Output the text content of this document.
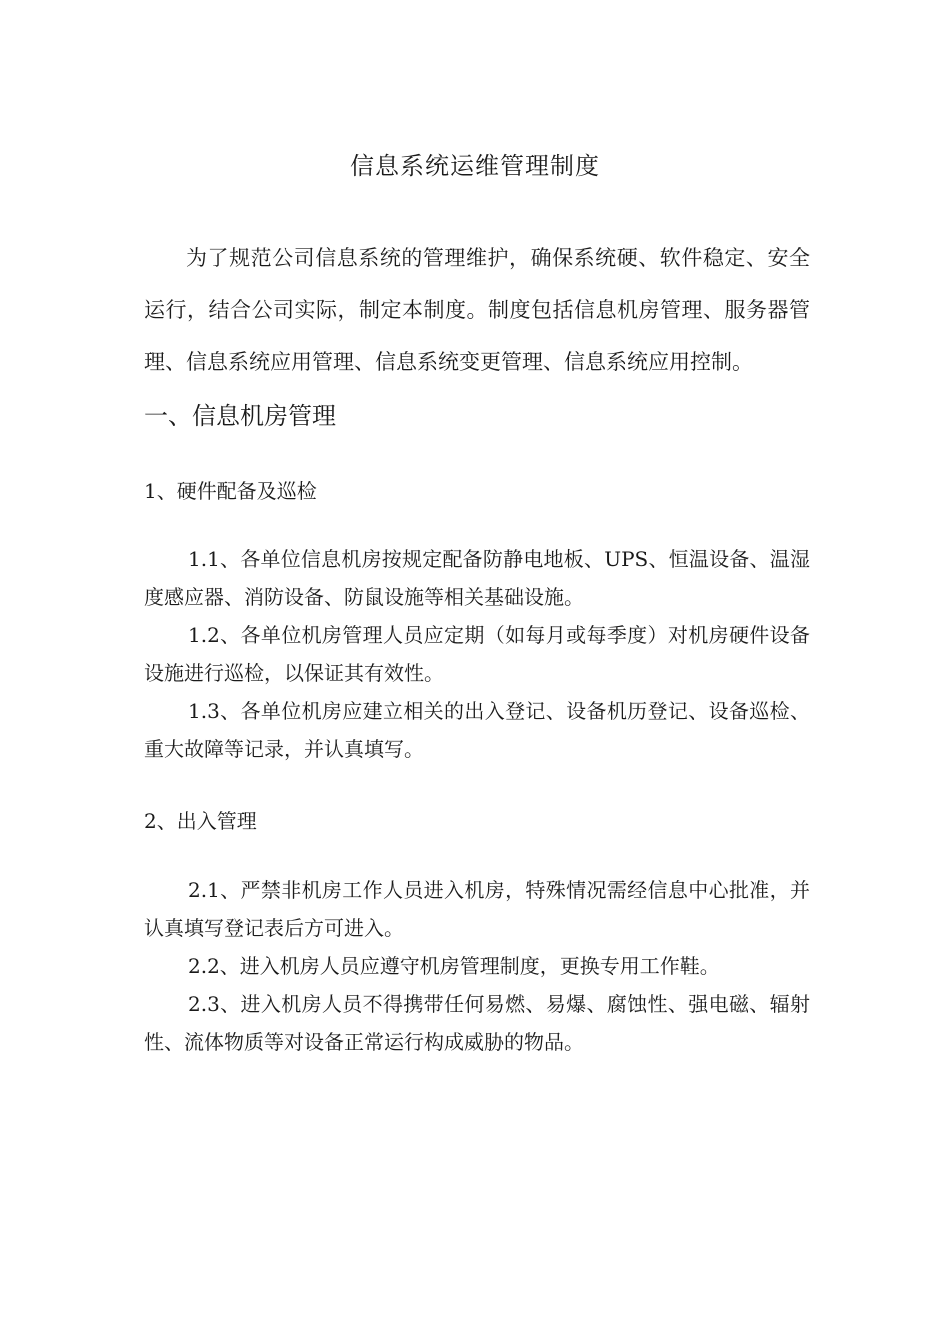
信息系统运维管理制度

为了规范公司信息系统的管理维护，确保系统硬、软件稳定、安全运行，结合公司实际，制定本制度。制度包括信息机房管理、服务器管理、信息系统应用管理、信息系统变更管理、信息系统应用控制。

一、信息机房管理
1、硬件配备及巡检

1.1、各单位信息机房按规定配备防静电地板、UPS、恒温设备、温湿度感应器、消防设备、防鼠设施等相关基础设施。

1.2、各单位机房管理人员应定期（如每月或每季度）对机房硬件设备设施进行巡检，以保证其有效性。

1.3、各单位机房应建立相关的出入登记、设备机历登记、设备巡检、重大故障等记录，并认真填写。

2、出入管理

2.1、严禁非机房工作人员进入机房，特殊情况需经信息中心批准，并认真填写登记表后方可进入。

2.2、进入机房人员应遵守机房管理制度，更换专用工作鞋。

2.3、进入机房人员不得携带任何易燃、易爆、腐蚀性、强电磁、辐射性、流体物质等对设备正常运行构成威胁的物品。
